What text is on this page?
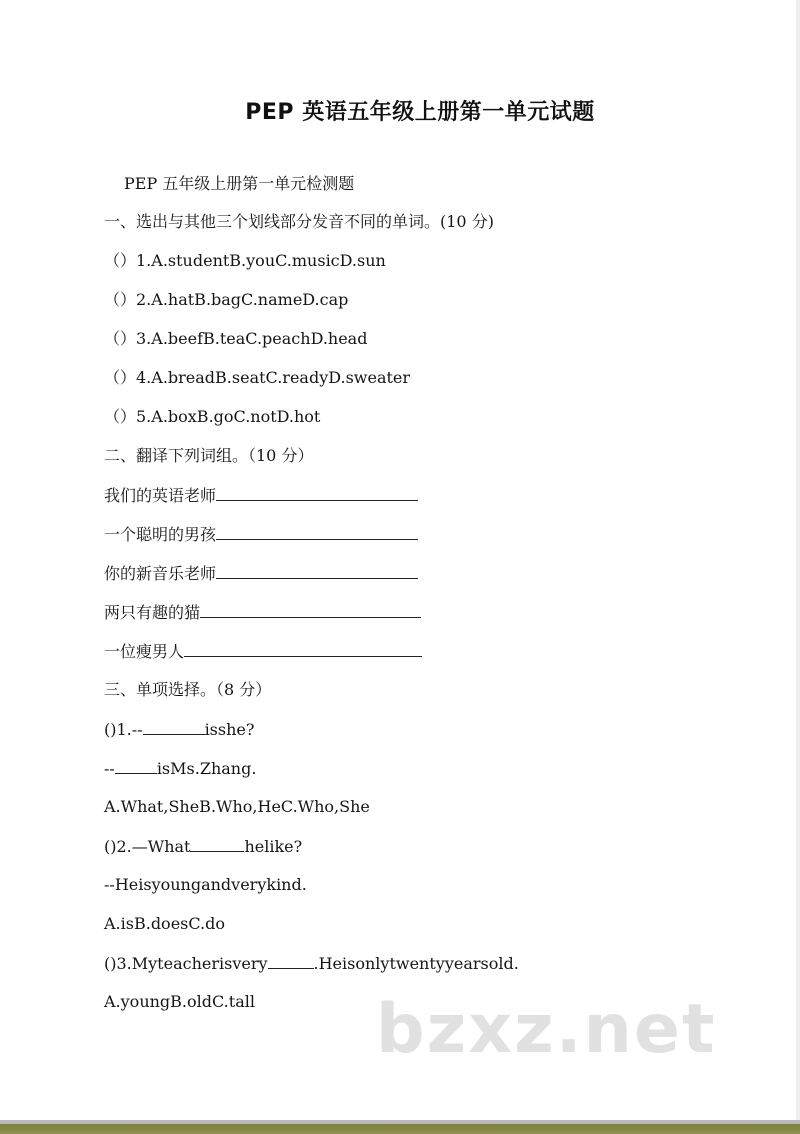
PEP 英语五年级上册第一单元试题
PEP 五年级上册第一单元检测题
一、选出与其他三个划线部分发音不同的单词。(10 分)
（）1.A.studentB.youC.musicD.sun
（）2.A.hatB.bagC.nameD.cap
（）3.A.beefB.teaC.peachD.head
（）4.A.breadB.seatC.readyD.sweater
（）5.A.boxB.goC.notD.hot
二、翻译下列词组。（10 分）
我们的英语老师
一个聪明的男孩
你的新音乐老师
两只有趣的猫
一位瘦男人
三、单项选择。（8 分）
()1.--	isshe?
--	isMs.Zhang.
A.What,SheB.Who,HeC.Who,She
()2.—What	helike?
--Heisyoungandverykind.
A.isB.doesC.do
()3.Myteacherisvery	.Heisonlytwentyyearsold.
A.youngB.oldC.tall bzxz.net
